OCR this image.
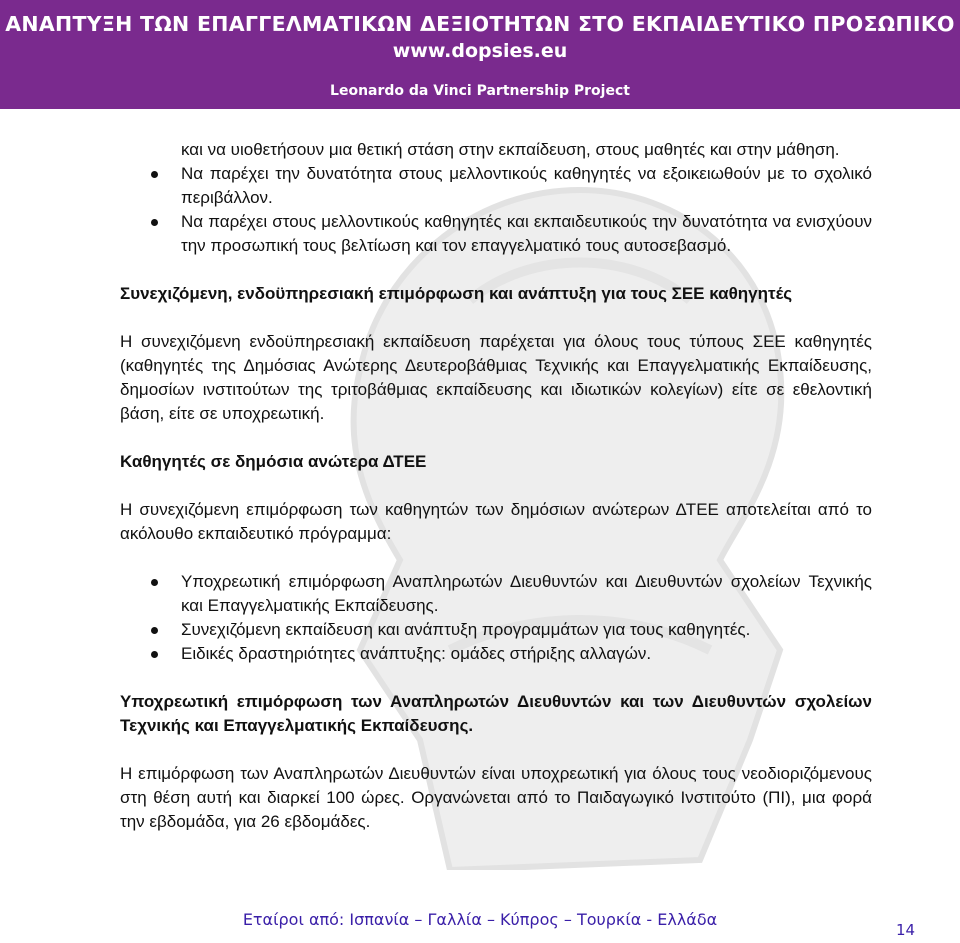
ΑΝΑΠΤΥΞΗ ΤΩΝ ΕΠΑΓΓΕΛΜΑΤΙΚΩΝ ΔΕΞΙΟΤΗΤΩΝ ΣΤΟ ΕΚΠΑΙΔΕΥΤΙΚΟ ΠΡΟΣΩΠΙΚΟ
www.dopsies.eu
Leonardo da Vinci Partnership Project

και να υιοθετήσουν μια θετική στάση στην εκπαίδευση, στους μαθητές και στην μάθηση.

Να παρέχει την δυνατότητα στους μελλοντικούς καθηγητές να εξοικειωθούν με το σχολικό περιβάλλον.
Να παρέχει στους μελλοντικούς καθηγητές και εκπαιδευτικούς την δυνατότητα να ενισχύουν την προσωπική τους βελτίωση και τον επαγγελματικό τους αυτοσεβασμό.

Συνεχιζόμενη, ενδοϋπηρεσιακή επιμόρφωση και ανάπτυξη για τους ΣΕΕ καθηγητές

Η συνεχιζόμενη ενδοϋπηρεσιακή εκπαίδευση παρέχεται για όλους τους τύπους ΣΕΕ καθηγητές (καθηγητές της Δημόσιας Ανώτερης Δευτεροβάθμιας Τεχνικής και Επαγγελματικής Εκπαίδευσης, δημοσίων ινστιτούτων της τριτοβάθμιας εκπαίδευσης και ιδιωτικών κολεγίων) είτε σε εθελοντική βάση, είτε σε υποχρεωτική.

Καθηγητές σε δημόσια ανώτερα ΔΤΕΕ

Η συνεχιζόμενη επιμόρφωση των καθηγητών των δημόσιων ανώτερων ΔΤΕΕ αποτελείται από το ακόλουθο εκπαιδευτικό πρόγραμμα:

Υποχρεωτική επιμόρφωση Αναπληρωτών Διευθυντών και Διευθυντών σχολείων Τεχνικής και Επαγγελματικής Εκπαίδευσης.
Συνεχιζόμενη εκπαίδευση και ανάπτυξη προγραμμάτων για τους καθηγητές.
Ειδικές δραστηριότητες ανάπτυξης: ομάδες στήριξης αλλαγών.

Υποχρεωτική επιμόρφωση των Αναπληρωτών Διευθυντών και των Διευθυντών σχολείων Τεχνικής και Επαγγελματικής Εκπαίδευσης.

Η επιμόρφωση των Αναπληρωτών Διευθυντών είναι υποχρεωτική για όλους τους νεοδιοριζόμενους στη θέση αυτή και διαρκεί 100 ώρες. Οργανώνεται από το Παιδαγωγικό Ινστιτούτο (ΠΙ), μια φορά την εβδομάδα, για 26 εβδομάδες.

Εταίροι από: Ισπανία – Γαλλία – Κύπρος – Τουρκία - Ελλάδα
14
